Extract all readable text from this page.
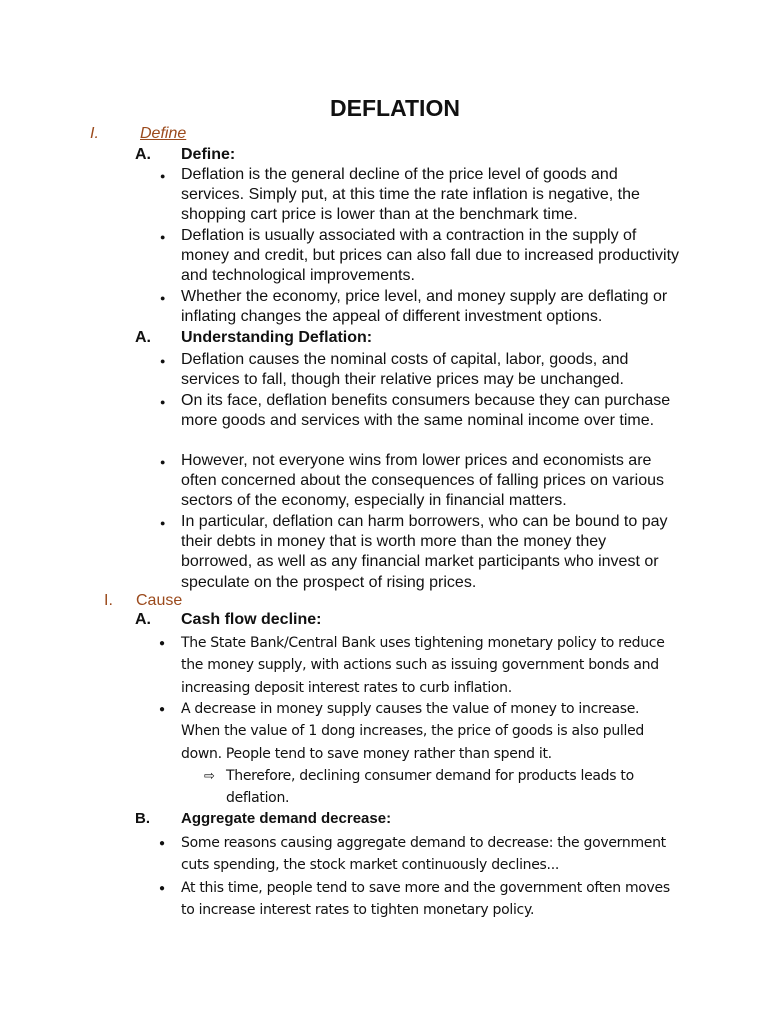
DEFLATION
I.	Define
A. Define:
● Deflation is the general decline of the price level of goods and services. Simply put, at this time the rate inflation is negative, the shopping cart price is lower than at the benchmark time.
● Deflation is usually associated with a contraction in the supply of money and credit, but prices can also fall due to increased productivity and technological improvements.
● Whether the economy, price level, and money supply are deflating or inflating changes the appeal of different investment options.
A. Understanding Deflation:
● Deflation causes the nominal costs of capital, labor, goods, and services to fall, though their relative prices may be unchanged.
● On its face, deflation benefits consumers because they can purchase more goods and services with the same nominal income over time.
● However, not everyone wins from lower prices and economists are often concerned about the consequences of falling prices on various sectors of the economy, especially in financial matters.
● In particular, deflation can harm borrowers, who can be bound to pay their debts in money that is worth more than the money they borrowed, as well as any financial market participants who invest or speculate on the prospect of rising prices.
I. Cause
A. Cash flow decline:
● The State Bank/Central Bank uses tightening monetary policy to reduce the money supply, with actions such as issuing government bonds and increasing deposit interest rates to curb inflation.
● A decrease in money supply causes the value of money to increase. When the value of 1 dong increases, the price of goods is also pulled down. People tend to save money rather than spend it.
⇨ Therefore, declining consumer demand for products leads to deflation.
B. Aggregate demand decrease:
● Some reasons causing aggregate demand to decrease: the government cuts spending, the stock market continuously declines...
● At this time, people tend to save more and the government often moves to increase interest rates to tighten monetary policy.
